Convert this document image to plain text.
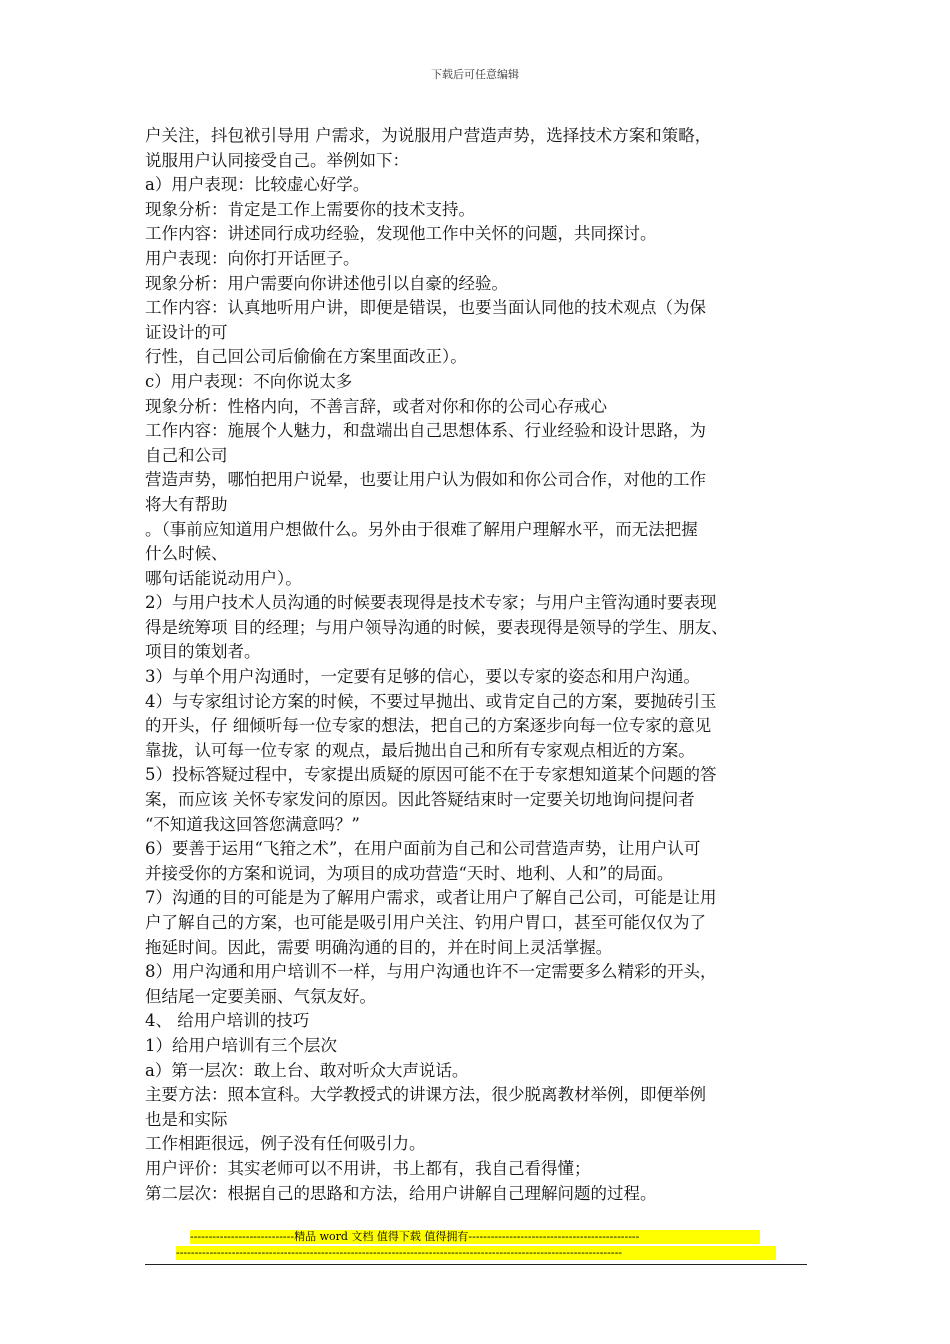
下载后可任意编辑
户关注，抖包袱引导用 户需求，为说服用户营造声势，选择技术方案和策略，
说服用户认同接受自己。举例如下：
a）用户表现：比较虚心好学。
现象分析：肯定是工作上需要你的技术支持。
工作内容：讲述同行成功经验，发现他工作中关怀的问题，共同探讨。
用户表现：向你打开话匣子。
现象分析：用户需要向你讲述他引以自豪的经验。
工作内容：认真地听用户讲，即便是错误，也要当面认同他的技术观点（为保
证设计的可
行性，自己回公司后偷偷在方案里面改正）。
c）用户表现：不向你说太多
现象分析：性格内向，不善言辞，或者对你和你的公司心存戒心
工作内容：施展个人魅力，和盘端出自己思想体系、行业经验和设计思路，为
自己和公司
营造声势，哪怕把用户说晕，也要让用户认为假如和你公司合作，对他的工作
将大有帮助
。（事前应知道用户想做什么。另外由于很难了解用户理解水平，而无法把握
什么时候、
哪句话能说动用户）。
2）与用户技术人员沟通的时候要表现得是技术专家；与用户主管沟通时要表现
得是统筹项 目的经理；与用户领导沟通的时候，要表现得是领导的学生、朋友、
项目的策划者。
3）与单个用户沟通时，一定要有足够的信心，要以专家的姿态和用户沟通。
4）与专家组讨论方案的时候，不要过早抛出、或肯定自己的方案，要抛砖引玉
的开头，仔 细倾听每一位专家的想法，把自己的方案逐步向每一位专家的意见
靠拢，认可每一位专家 的观点，最后抛出自己和所有专家观点相近的方案。
5）投标答疑过程中，专家提出质疑的原因可能不在于专家想知道某个问题的答
案，而应该 关怀专家发问的原因。因此答疑结束时一定要关切地询问提问者
“不知道我这回答您满意吗？”
6）要善于运用“飞箝之术”，在用户面前为自己和公司营造声势，让用户认可
并接受你的方案和说词，为项目的成功营造“天时、地利、人和”的局面。
7）沟通的目的可能是为了解用户需求，或者让用户了解自己公司，可能是让用
户了解自己的方案，也可能是吸引用户关注、钓用户胃口，甚至可能仅仅为了
拖延时间。因此，需要 明确沟通的目的，并在时间上灵活掌握。
8）用户沟通和用户培训不一样，与用户沟通也许不一定需要多么精彩的开头，
但结尾一定要美丽、气氛友好。
4、 给用户培训的技巧
1）给用户培训有三个层次
a）第一层次：敢上台、敢对听众大声说话。
主要方法：照本宣科。大学教授式的讲课方法，很少脱离教材举例，即便举例
也是和实际
工作相距很远，例子没有任何吸引力。
用户评价：其实老师可以不用讲，书上都有，我自己看得懂；
第二层次：根据自己的思路和方法，给用户讲解自己理解问题的过程。
----------------------------精品 word 文档 值得下载 值得拥有----------------------------------------------
------------------------------------------------------------------------------------------------------------------------
